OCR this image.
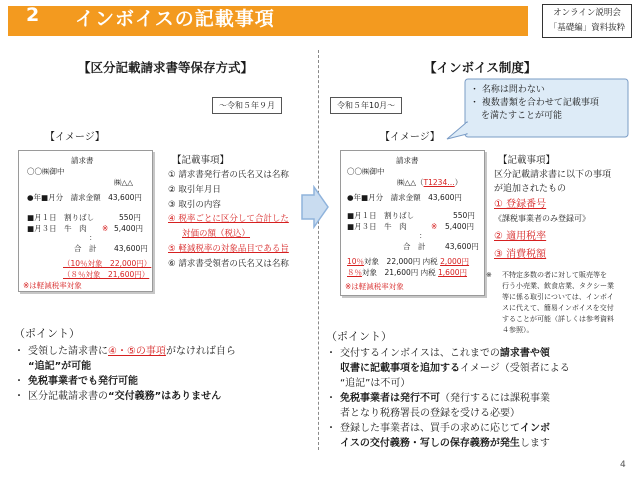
2 インボイスの記載事項	オンライン説明会
「基礎編」資料抜粋
【区分記載請求書等保存方式】
～令和５年９月
【イメージ】
請求書
〇〇㈱御中
㈱△△
●年■月分　請求金額　43,600円
■月１日　割りばし	550円
■月３日　牛　肉 ※ 5,400円
：
合　計 43,600円
（10％対象　22,000円）
（８％対象　21,600円）
※は軽減税率対象
【記載事項】
① 請求書発行者の氏名又は名称
② 取引年月日
③ 取引の内容
④ 税率ごとに区分して合計した
対価の額（税込）
⑤ 軽減税率の対象品目である旨
⑥ 請求書受領者の氏名又は名称
（ポイント）
・ 受領した請求書に④・⑤の事項がなければ自ら
“追記”が可能
・ 免税事業者でも発行可能
・ 区分記載請求書の“交付義務”はありません
【インボイス制度】
令和５年10月～
・ 名称は問わない
・ 複数書類を合わせて記載事項
を満たすことが可能
【イメージ】
請求書
〇〇㈱御中
㈱△△（T1234…）
●年■月分　請求金額　43,600円
■月１日　割りばし	550円
■月３日　牛　肉	※ 5,400円
：
合　計	43,600円
10％対象　22,000円 内税 2,000円
８％対象　21,600円 内税 1,600円
※は軽減税率対象
【記載事項】
区分記載請求書に以下の事項
が追加されたもの
① 登録番号
《課税事業者のみ登録可》
② 適用税率
③ 消費税額
※	不特定多数の者に対して販売等を
行う小売業、飲食店業、タクシー業
等に係る取引については、インボイ
スに代えて、簡易インボイスを交付
することが可能（詳しくは参考資料
４参照）。
（ポイント）
・ 交付するインボイスは、これまでの請求書や領
収書に記載事項を追加するイメージ（受領者による
“追記”は不可）
・ 免税事業者は発行不可（発行するには課税事業
者となり税務署長の登録を受ける必要）
・ 登録した事業者は、買手の求めに応じてインボ
イスの交付義務・写しの保存義務が発生します
4
